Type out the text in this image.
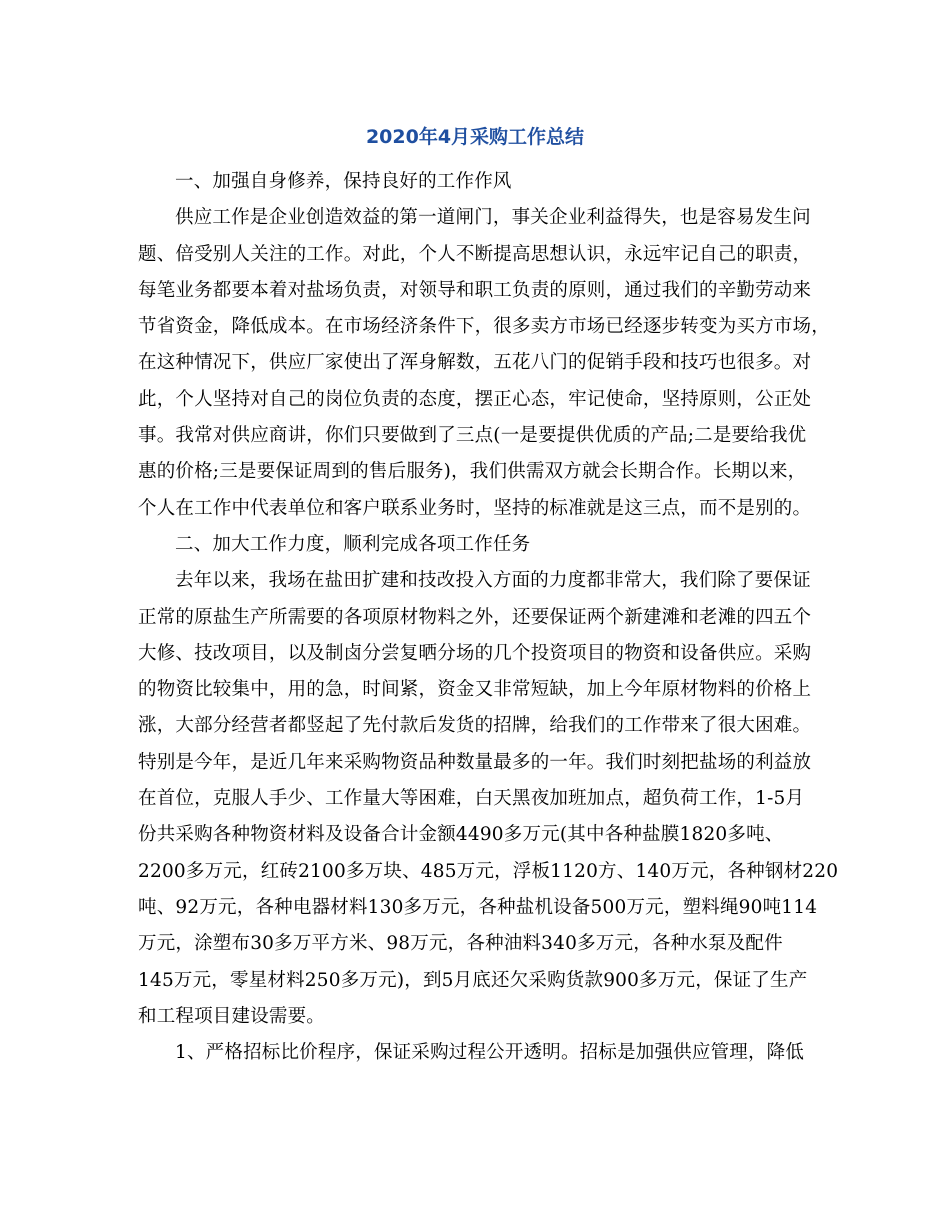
2020年4月采购工作总结
一、加强自身修养，保持良好的工作作风
供应工作是企业创造效益的第一道闸门，事关企业利益得失，也是容易发生问
题、倍受别人关注的工作。对此，个人不断提高思想认识，永远牢记自己的职责，
每笔业务都要本着对盐场负责，对领导和职工负责的原则，通过我们的辛勤劳动来
节省资金，降低成本。在市场经济条件下，很多卖方市场已经逐步转变为买方市场，
在这种情况下，供应厂家使出了浑身解数，五花八门的促销手段和技巧也很多。对
此，个人坚持对自己的岗位负责的态度，摆正心态，牢记使命，坚持原则，公正处
事。我常对供应商讲，你们只要做到了三点(一是要提供优质的产品;二是要给我优
惠的价格;三是要保证周到的售后服务)，我们供需双方就会长期合作。长期以来，
个人在工作中代表单位和客户联系业务时，坚持的标准就是这三点，而不是别的。
二、加大工作力度，顺利完成各项工作任务
去年以来，我场在盐田扩建和技改投入方面的力度都非常大，我们除了要保证
正常的原盐生产所需要的各项原材物料之外，还要保证两个新建滩和老滩的四五个
大修、技改项目，以及制卤分尝复晒分场的几个投资项目的物资和设备供应。采购
的物资比较集中，用的急，时间紧，资金又非常短缺，加上今年原材物料的价格上
涨，大部分经营者都竖起了先付款后发货的招牌，给我们的工作带来了很大困难。
特别是今年，是近几年来采购物资品种数量最多的一年。我们时刻把盐场的利益放
在首位，克服人手少、工作量大等困难，白天黑夜加班加点，超负荷工作，1-5月
份共采购各种物资材料及设备合计金额4490多万元(其中各种盐膜1820多吨、
2200多万元，红砖2100多万块、485万元，浮板1120方、140万元，各种钢材220
吨、92万元，各种电器材料130多万元，各种盐机设备500万元，塑料绳90吨114
万元，涂塑布30多万平方米、98万元，各种油料340多万元，各种水泵及配件
145万元，零星材料250多万元)，到5月底还欠采购货款900多万元，保证了生产
和工程项目建设需要。
1、严格招标比价程序，保证采购过程公开透明。招标是加强供应管理，降低
